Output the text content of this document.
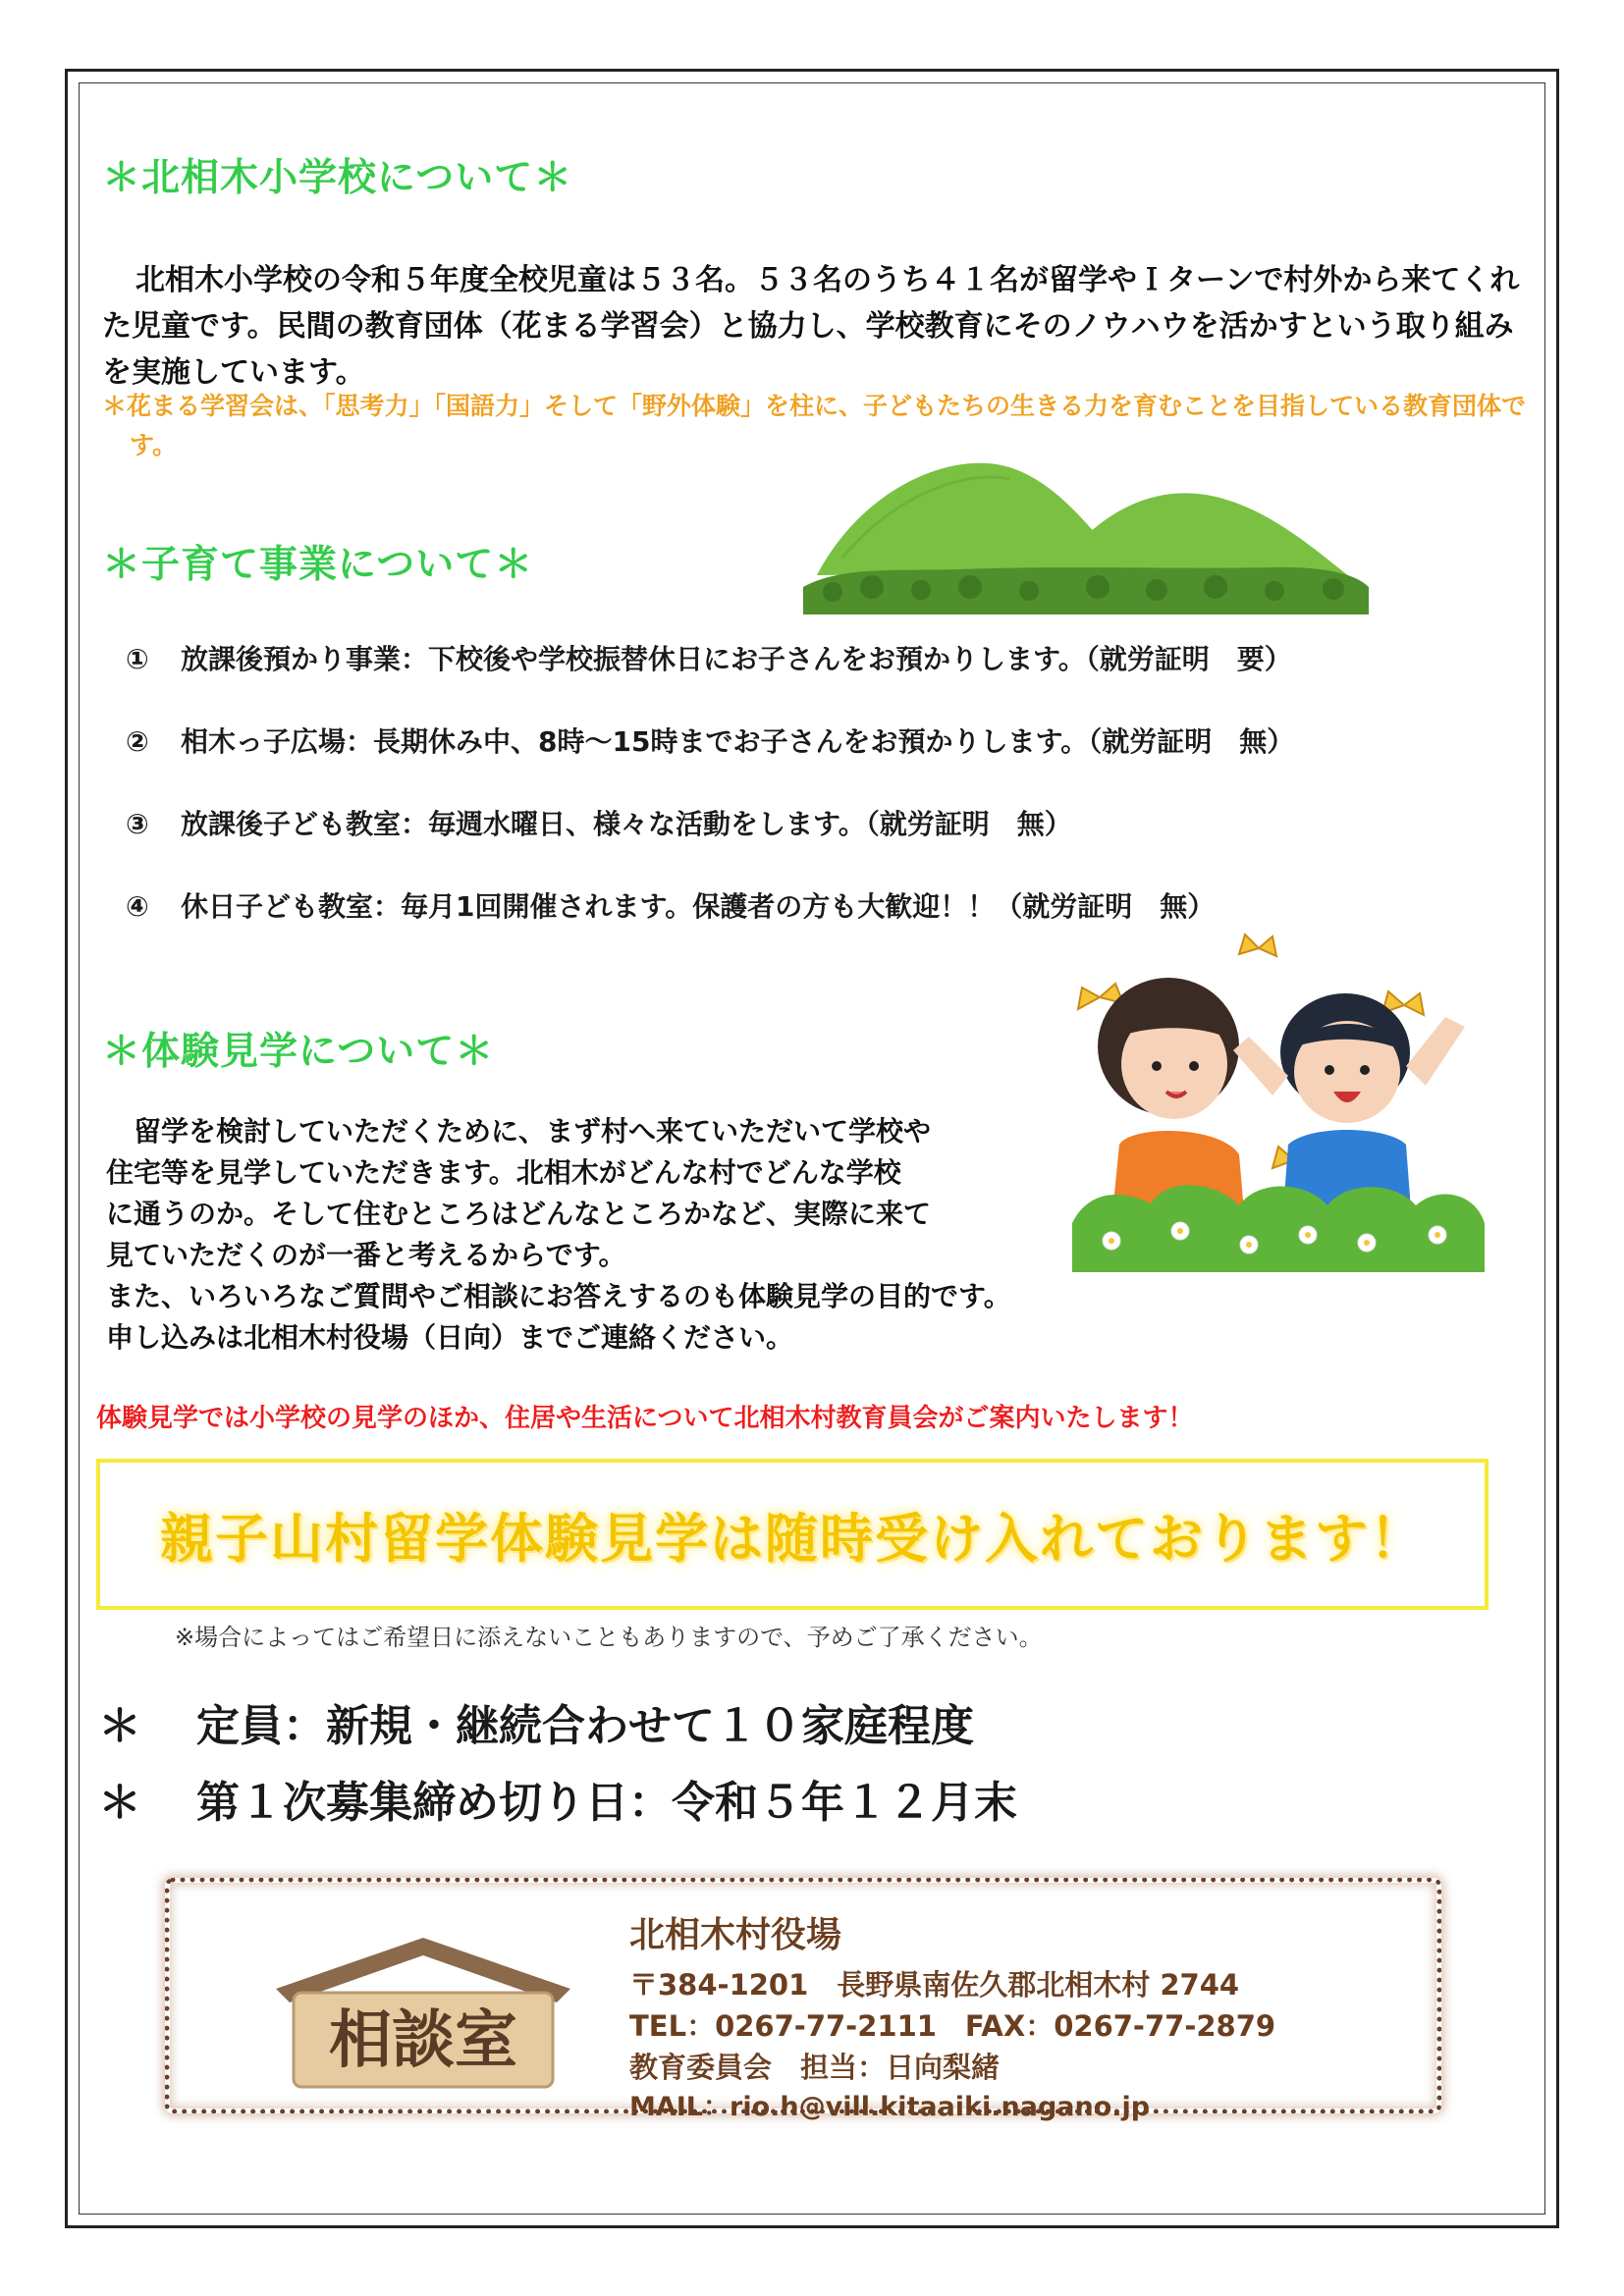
＊北相木小学校について＊
北相木小学校の令和５年度全校児童は５３名。５３名のうち４１名が留学やＩターンで村外から来てくれた児童です。民間の教育団体（花まる学習会）と協力し、学校教育にそのノウハウを活かすという取り組みを実施しています。
＊花まる学習会は、「思考力」「国語力」そして「野外体験」を柱に、子どもたちの生きる力を育むことを目指している教育団体です。
＊子育て事業について＊
① 放課後預かり事業：下校後や学校振替休日にお子さんをお預かりします。（就労証明　要）
② 相木っ子広場：長期休み中、8時～15時までお子さんをお預かりします。（就労証明　無）
③ 放課後子ども教室：毎週水曜日、様々な活動をします。（就労証明　無）
④ 休日子ども教室：毎月1回開催されます。保護者の方も大歓迎！！（就労証明　無）
＊体験見学について＊
　留学を検討していただくために、まず村へ来ていただいて学校や
住宅等を見学していただきます。北相木がどんな村でどんな学校
に通うのか。そして住むところはどんなところかなど、実際に来て
見ていただくのが一番と考えるからです。
また、いろいろなご質問やご相談にお答えするのも体験見学の目的です。
申し込みは北相木村役場（日向）までご連絡ください。
体験見学では小学校の見学のほか、住居や生活について北相木村教育員会がご案内いたします！
親子山村留学体験見学は随時受け入れております！
※場合によってはご希望日に添えないこともありますので、予めご了承ください。
＊ 定員：新規・継続合わせて１０家庭程度
＊ 第１次募集締め切り日：令和５年１２月末
相談室
北相木村役場
〒384-1201　長野県南佐久郡北相木村 2744
TEL：0267-77-2111　FAX：0267-77-2879
教育委員会　担当：日向梨緒
MAIL：rio.h@vill.kitaaiki.nagano.jp
